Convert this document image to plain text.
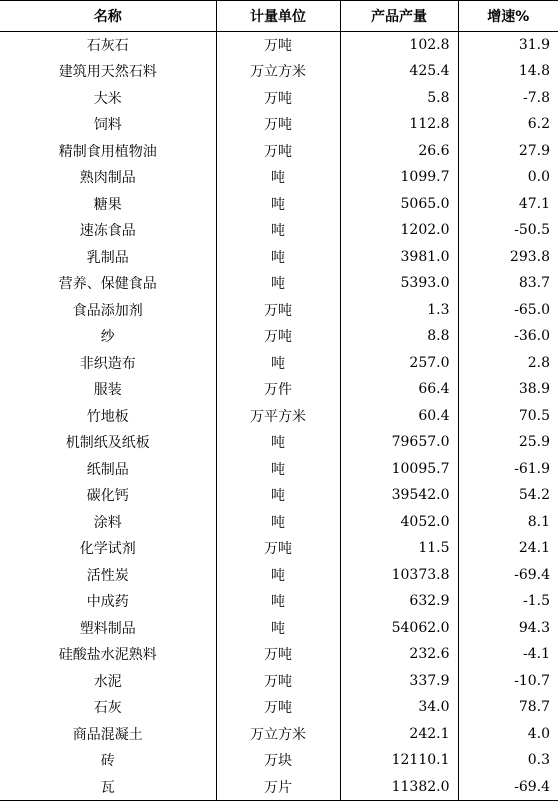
名称	计量单位	产品产量	增速%
石灰石	万吨	102.8	31.9
建筑用天然石料	万立方米	425.4	14.8
大米	万吨	5.8	-7.8
饲料	万吨	112.8	6.2
精制食用植物油	万吨	26.6	27.9
熟肉制品	吨	1099.7	0.0
糖果	吨	5065.0	47.1
速冻食品	吨	1202.0	-50.5
乳制品	吨	3981.0	293.8
营养、保健食品	吨	5393.0	83.7
食品添加剂	万吨	1.3	-65.0
纱	万吨	8.8	-36.0
非织造布	吨	257.0	2.8
服装	万件	66.4	38.9
竹地板	万平方米	60.4	70.5
机制纸及纸板	吨	79657.0	25.9
纸制品	吨	10095.7	-61.9
碳化钙	吨	39542.0	54.2
涂料	吨	4052.0	8.1
化学试剂	万吨	11.5	24.1
活性炭	吨	10373.8	-69.4
中成药	吨	632.9	-1.5
塑料制品	吨	54062.0	94.3
硅酸盐水泥熟料	万吨	232.6	-4.1
水泥	万吨	337.9	-10.7
石灰	万吨	34.0	78.7
商品混凝土	万立方米	242.1	4.0
砖	万块	12110.1	0.3
瓦	万片	11382.0	-69.4
